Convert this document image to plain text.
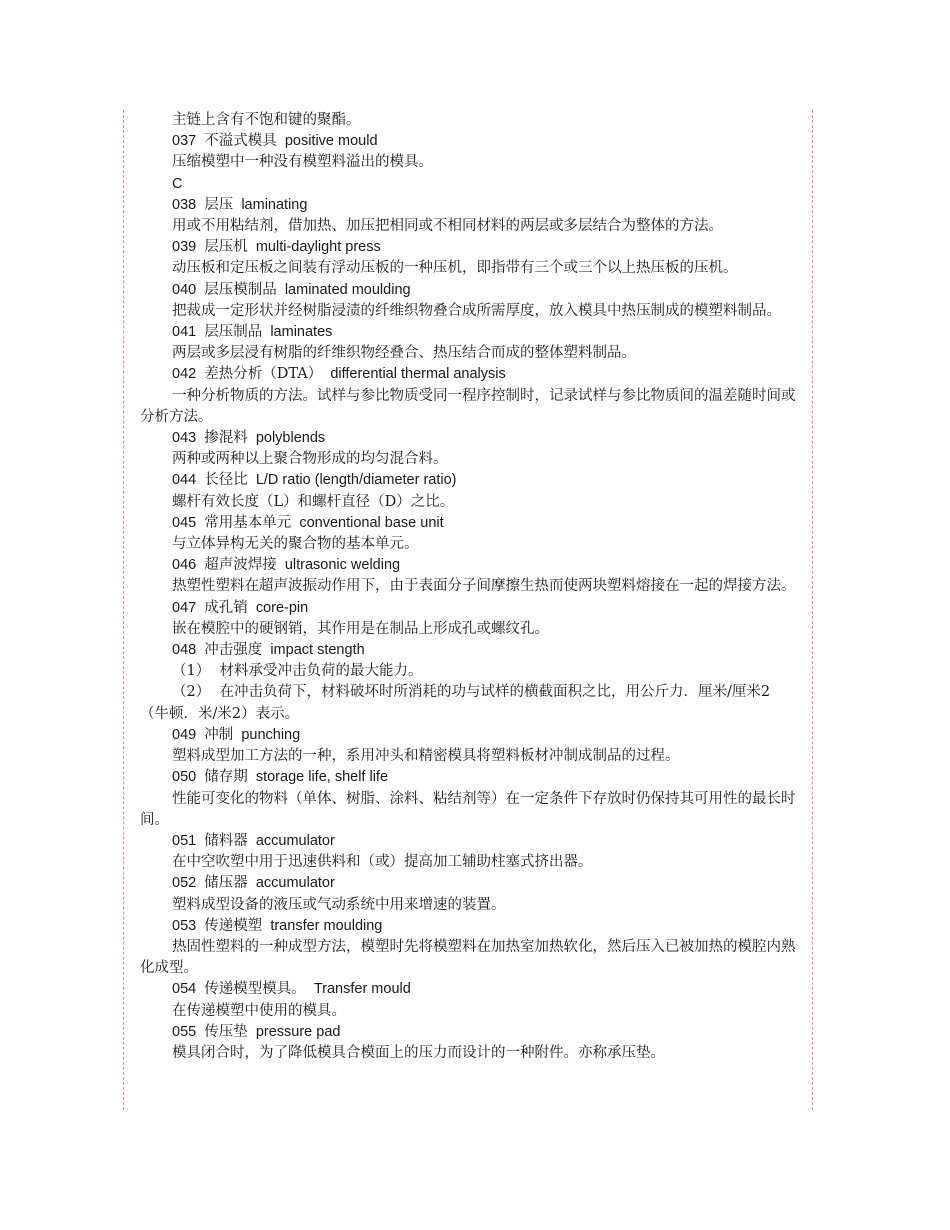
主链上含有不饱和键的聚酯。
037 不溢式模具 positive mould
压缩模塑中一种没有模塑料溢出的模具。
C
038 层压 laminating
用或不用粘结剂，借加热、加压把相同或不相同材料的两层或多层结合为整体的方法。
039 层压机 multi-daylight press
动压板和定压板之间装有浮动压板的一种压机，即指带有三个或三个以上热压板的压机。
040 层压模制品 laminated moulding
把裁成一定形状并经树脂浸渍的纤维织物叠合成所需厚度，放入模具中热压制成的模塑料制品。
041 层压制品 laminates
两层或多层浸有树脂的纤维织物经叠合、热压结合而成的整体塑料制品。
042 差热分析（DTA） differential thermal analysis
一种分析物质的方法。试样与参比物质受同一程序控制时，记录试样与参比物质间的温差随时间或分析方法。
043 掺混料 polyblends
两种或两种以上聚合物形成的均匀混合料。
044 长径比 L/D ratio (length/diameter ratio)
螺杆有效长度（L）和螺杆直径（D）之比。
045 常用基本单元 conventional base unit
与立体异构无关的聚合物的基本单元。
046 超声波焊接 ultrasonic welding
热塑性塑料在超声波振动作用下，由于表面分子间摩擦生热而使两块塑料熔接在一起的焊接方法。
047 成孔销 core-pin
嵌在模腔中的硬钢销，其作用是在制品上形成孔或螺纹孔。
048 冲击强度 impact stength
（1）  材料承受冲击负荷的最大能力。
（2）  在冲击负荷下，材料破坏时所消耗的功与试样的横截面积之比，用公斤力．厘米/厘米2（牛顿．米/米2）表示。
049 冲制 punching
塑料成型加工方法的一种，系用冲头和精密模具将塑料板材冲制成制品的过程。
050 储存期 storage life, shelf life
性能可变化的物料（单体、树脂、涂料、粘结剂等）在一定条件下存放时仍保持其可用性的最长时间。
051 储料器 accumulator
在中空吹塑中用于迅速供料和（或）提高加工辅助柱塞式挤出器。
052 储压器 accumulator
塑料成型设备的液压或气动系统中用来增速的装置。
053 传递模塑 transfer moulding
热固性塑料的一种成型方法，模塑时先将模塑料在加热室加热软化，然后压入已被加热的模腔内熟化成型。
054 传递模型模具。 Transfer mould
在传递模塑中使用的模具。
055 传压垫 pressure pad
模具闭合时，为了降低模具合模面上的压力而设计的一种附件。亦称承压垫。
